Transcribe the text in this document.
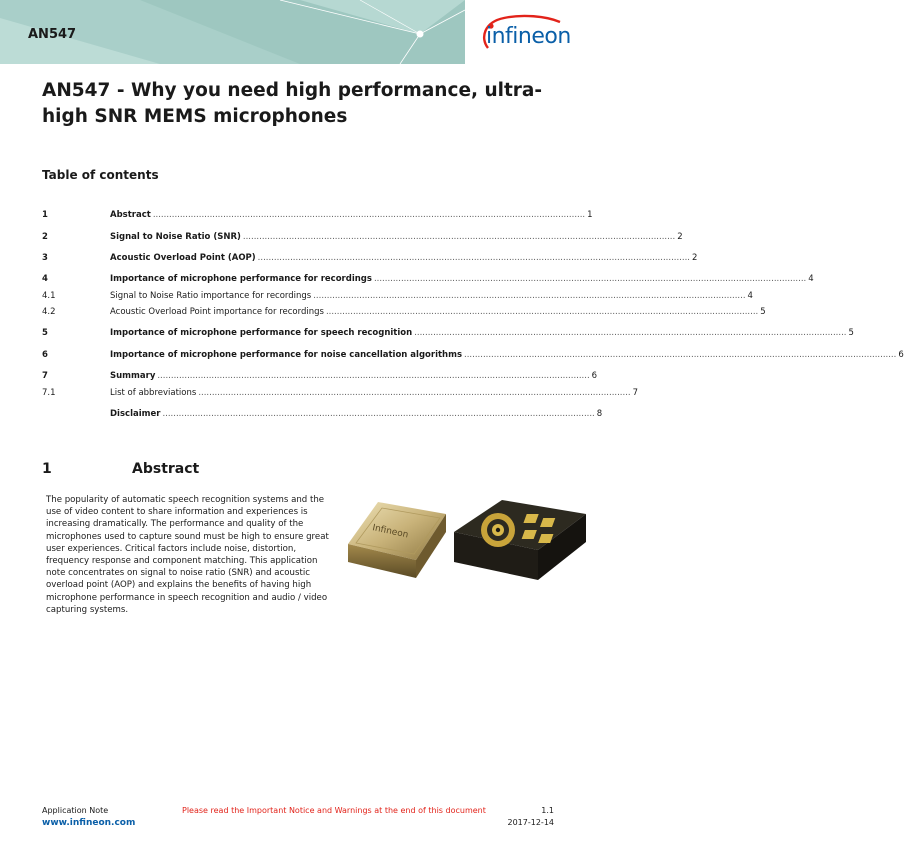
AN547	infineon
AN547 - Why you need high performance, ultra-high SNR MEMS microphones
Table of contents
1	Abstract ................................................................................................................................................................ 1
2	Signal to Noise Ratio (SNR) ................................................................................................................................................................ 2
3	Acoustic Overload Point (AOP) ................................................................................................................................................................ 2
4	Importance of microphone performance for recordings ................................................................................................................................................................ 4
4.1	Signal to Noise Ratio importance for recordings ................................................................................................................................................................ 4
4.2	Acoustic Overload Point importance for recordings ................................................................................................................................................................ 5
5	Importance of microphone performance for speech recognition ................................................................................................................................................................ 5
6	Importance of microphone performance for noise cancellation algorithms ................................................................................................................................................................ 6
7	Summary ................................................................................................................................................................ 6
7.1	List of abbreviations ................................................................................................................................................................ 7
Disclaimer ................................................................................................................................................................ 8
1	Abstract
The popularity of automatic speech recognition systems and the use of video content to share information and experiences is increasing dramatically. The performance and quality of the microphones used to capture sound must be high to ensure great user experiences. Critical factors include noise, distortion, frequency response and component matching. This application note concentrates on signal to noise ratio (SNR) and acoustic overload point (AOP) and explains the benefits of having high microphone performance in speech recognition and audio / video capturing systems.
Infineon
Application Note
www.infineon.com
Please read the Important Notice and Warnings at the end of this document	1.1
2017-12-14
